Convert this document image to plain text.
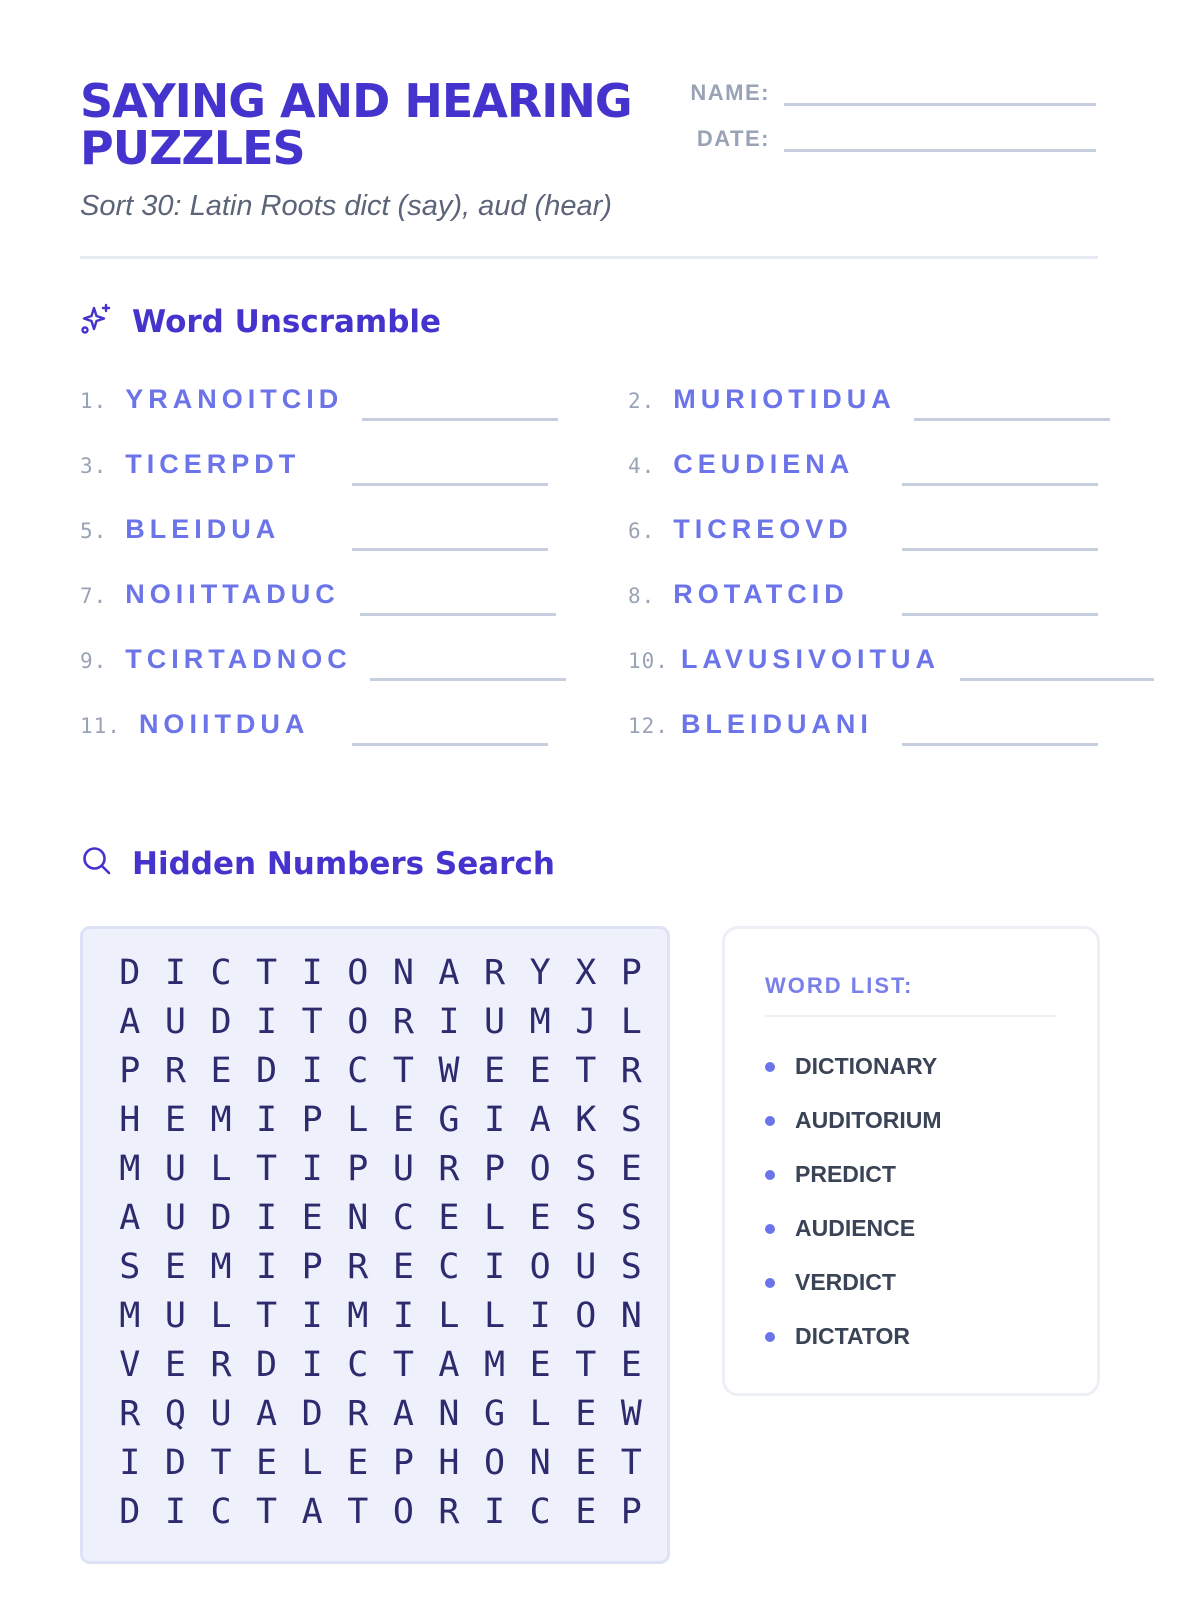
SAYING AND HEARING PUZZLES

Sort 30: Latin Roots dict (say), aud (hear)

NAME:
DATE:
Word Unscramble
1. YRANOITCID
3. TICERPDT
5. BLEIDUA
7. NOIITTADUC
9. TCIRTADNOC
11. NOIITDUA
2. MURIOTIDUA
4. CEUDIENA
6. TICREOVD
8. ROTATCID
10. LAVUSIVOITUA
12. BLEIDUANI
Hidden Numbers Search
D I C T I O N A R Y X P
A U D I T O R I U M J L
P R E D I C T W E E T R
H E M I P L E G I A K S
M U L T I P U R P O S E
A U D I E N C E L E S S
S E M I P R E C I O U S
M U L T I M I L L I O N
V E R D I C T A M E T E
R Q U A D R A N G L E W
I D T E L E P H O N E T
D I C T A T O R I C E P

WORD LIST:

DICTIONARY
AUDITORIUM
PREDICT
AUDIENCE
VERDICT
DICTATOR
